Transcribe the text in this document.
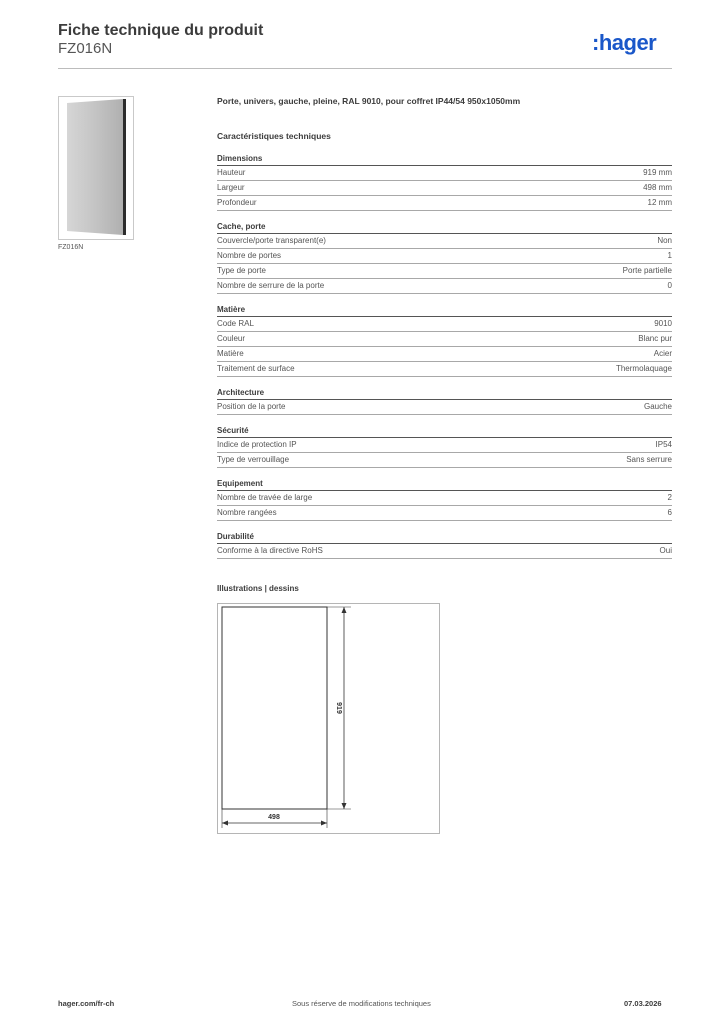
Fiche technique du produit
FZ016N	:hager
FZ016N
Porte, univers, gauche, pleine, RAL 9010, pour coffret IP44/54 950x1050mm
Caractéristiques techniques
Dimensions
Hauteur	919 mm
Largeur	498 mm
Profondeur	12 mm
Cache, porte
Couvercle/porte transparent(e)	Non
Nombre de portes	1
Type de porte	Porte partielle
Nombre de serrure de la porte	0
Matière
Code RAL	9010
Couleur	Blanc pur
Matière	Acier
Traitement de surface	Thermolaquage
Architecture
Position de la porte	Gauche
Sécurité
Indice de protection IP	IP54
Type de verrouillage	Sans serrure
Equipement
Nombre de travée de large	2
Nombre rangées	6
Durabilité
Conforme à la directive RoHS	Oui
Illustrations | dessins
919
498
hager.com/fr-ch	Sous réserve de modifications techniques	07.03.2026
